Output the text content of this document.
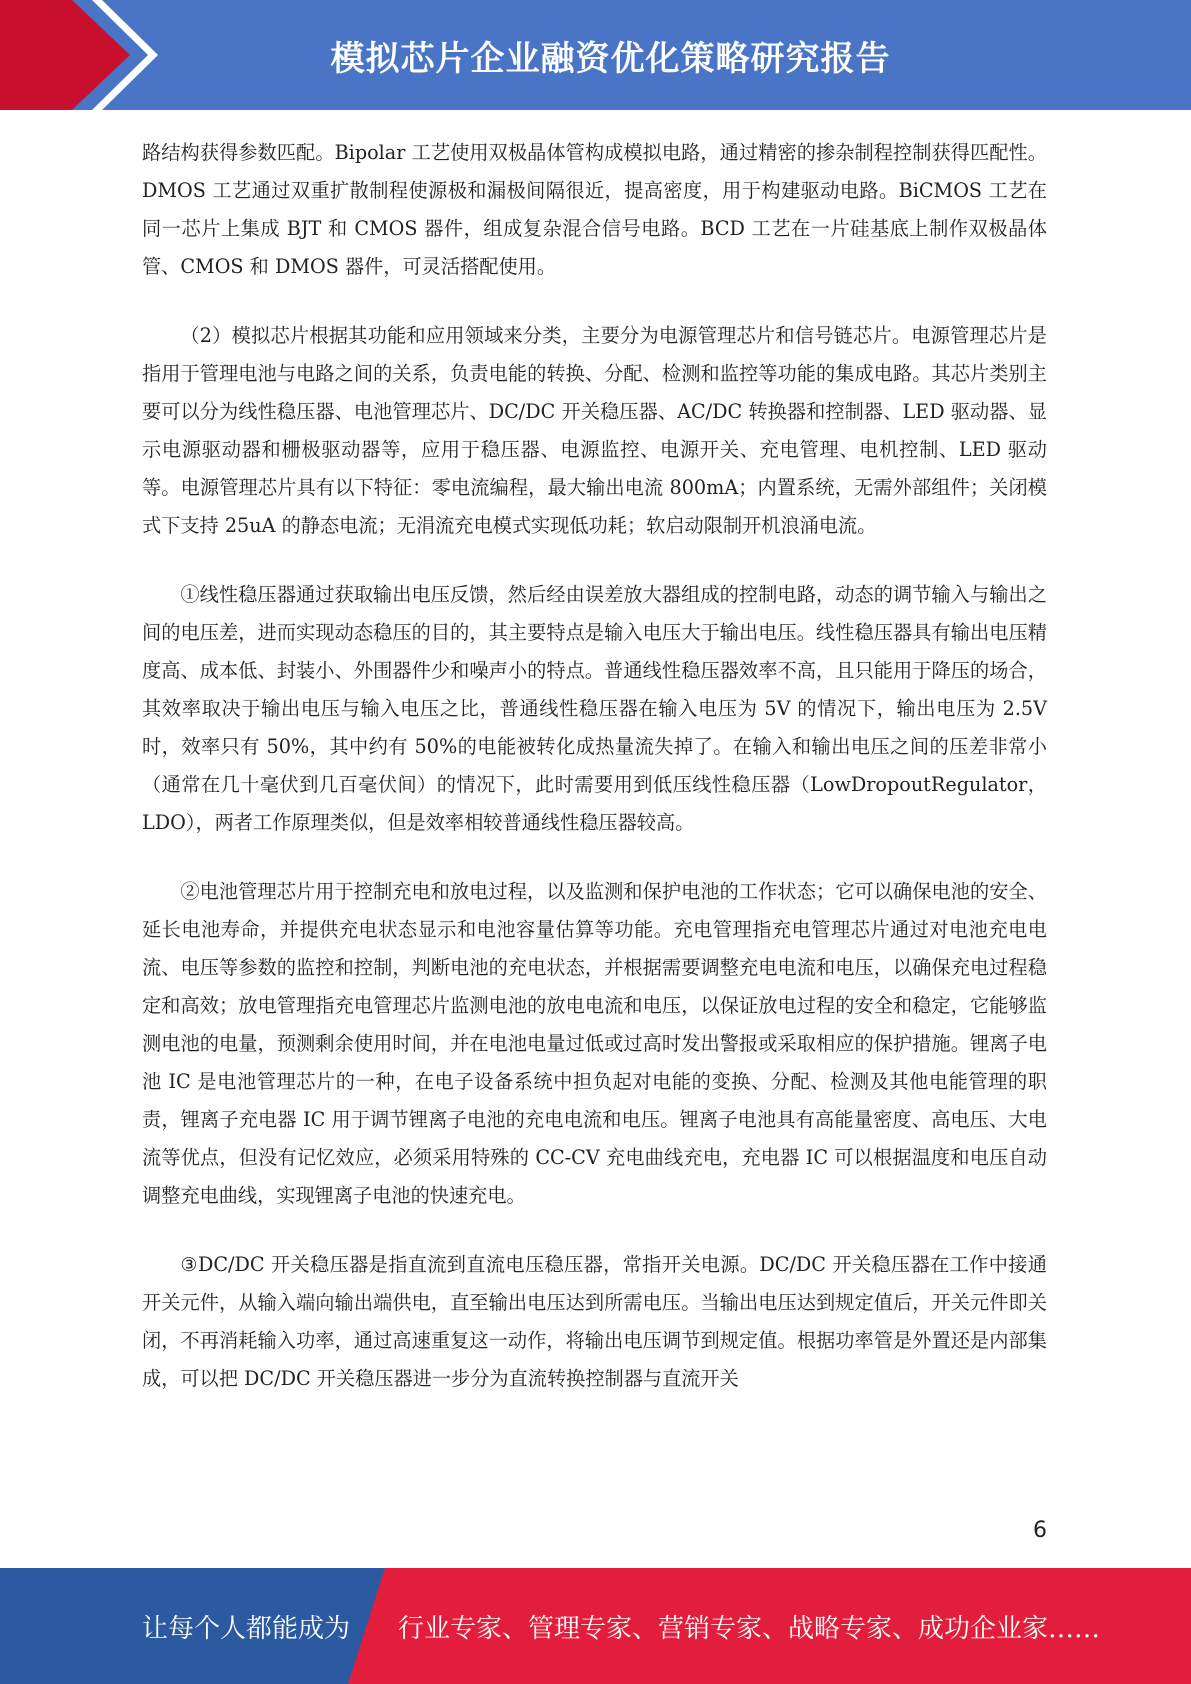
模拟芯片企业融资优化策略研究报告

路结构获得参数匹配。Bipolar 工艺使用双极晶体管构成模拟电路，通过精密的掺杂制程控制获得匹配性。DMOS 工艺通过双重扩散制程使源极和漏极间隔很近，提高密度，用于构建驱动电路。BiCMOS 工艺在同一芯片上集成 BJT 和 CMOS 器件，组成复杂混合信号电路。BCD 工艺在一片硅基底上制作双极晶体管、CMOS 和 DMOS 器件，可灵活搭配使用。

（2）模拟芯片根据其功能和应用领域来分类，主要分为电源管理芯片和信号链芯片。电源管理芯片是指用于管理电池与电路之间的关系，负责电能的转换、分配、检测和监控等功能的集成电路。其芯片类别主要可以分为线性稳压器、电池管理芯片、DC/DC 开关稳压器、AC/DC 转换器和控制器、LED 驱动器、显示电源驱动器和栅极驱动器等，应用于稳压器、电源监控、电源开关、充电管理、电机控制、LED 驱动等。电源管理芯片具有以下特征：零电流编程，最大输出电流 800mA；内置系统，无需外部组件；关闭模式下支持 25uA 的静态电流；无涓流充电模式实现低功耗；软启动限制开机浪涌电流。

①线性稳压器通过获取输出电压反馈，然后经由误差放大器组成的控制电路，动态的调节输入与输出之间的电压差，进而实现动态稳压的目的，其主要特点是输入电压大于输出电压。线性稳压器具有输出电压精度高、成本低、封装小、外围器件少和噪声小的特点。普通线性稳压器效率不高，且只能用于降压的场合，其效率取决于输出电压与输入电压之比，普通线性稳压器在输入电压为 5V 的情况下，输出电压为 2.5V 时，效率只有 50%，其中约有 50%的电能被转化成热量流失掉了。在输入和输出电压之间的压差非常小（通常在几十毫伏到几百毫伏间）的情况下，此时需要用到低压线性稳压器（LowDropoutRegulator，LDO），两者工作原理类似，但是效率相较普通线性稳压器较高。

②电池管理芯片用于控制充电和放电过程，以及监测和保护电池的工作状态；它可以确保电池的安全、延长电池寿命，并提供充电状态显示和电池容量估算等功能。充电管理指充电管理芯片通过对电池充电电流、电压等参数的监控和控制，判断电池的充电状态，并根据需要调整充电电流和电压，以确保充电过程稳定和高效；放电管理指充电管理芯片监测电池的放电电流和电压，以保证放电过程的安全和稳定，它能够监测电池的电量，预测剩余使用时间，并在电池电量过低或过高时发出警报或采取相应的保护措施。锂离子电池 IC 是电池管理芯片的一种，在电子设备系统中担负起对电能的变换、分配、检测及其他电能管理的职责，锂离子充电器 IC 用于调节锂离子电池的充电电流和电压。锂离子电池具有高能量密度、高电压、大电流等优点，但没有记忆效应，必须采用特殊的 CC-CV 充电曲线充电，充电器 IC 可以根据温度和电压自动调整充电曲线，实现锂离子电池的快速充电。

③DC/DC 开关稳压器是指直流到直流电压稳压器，常指开关电源。DC/DC 开关稳压器在工作中接通开关元件，从输入端向输出端供电，直至输出电压达到所需电压。当输出电压达到规定值后，开关元件即关闭，不再消耗输入功率，通过高速重复这一动作，将输出电压调节到规定值。根据功率管是外置还是内部集成，可以把 DC/DC 开关稳压器进一步分为直流转换控制器与直流开关

6
让每个人都能成为 行业专家、管理专家、营销专家、战略专家、成功企业家……
